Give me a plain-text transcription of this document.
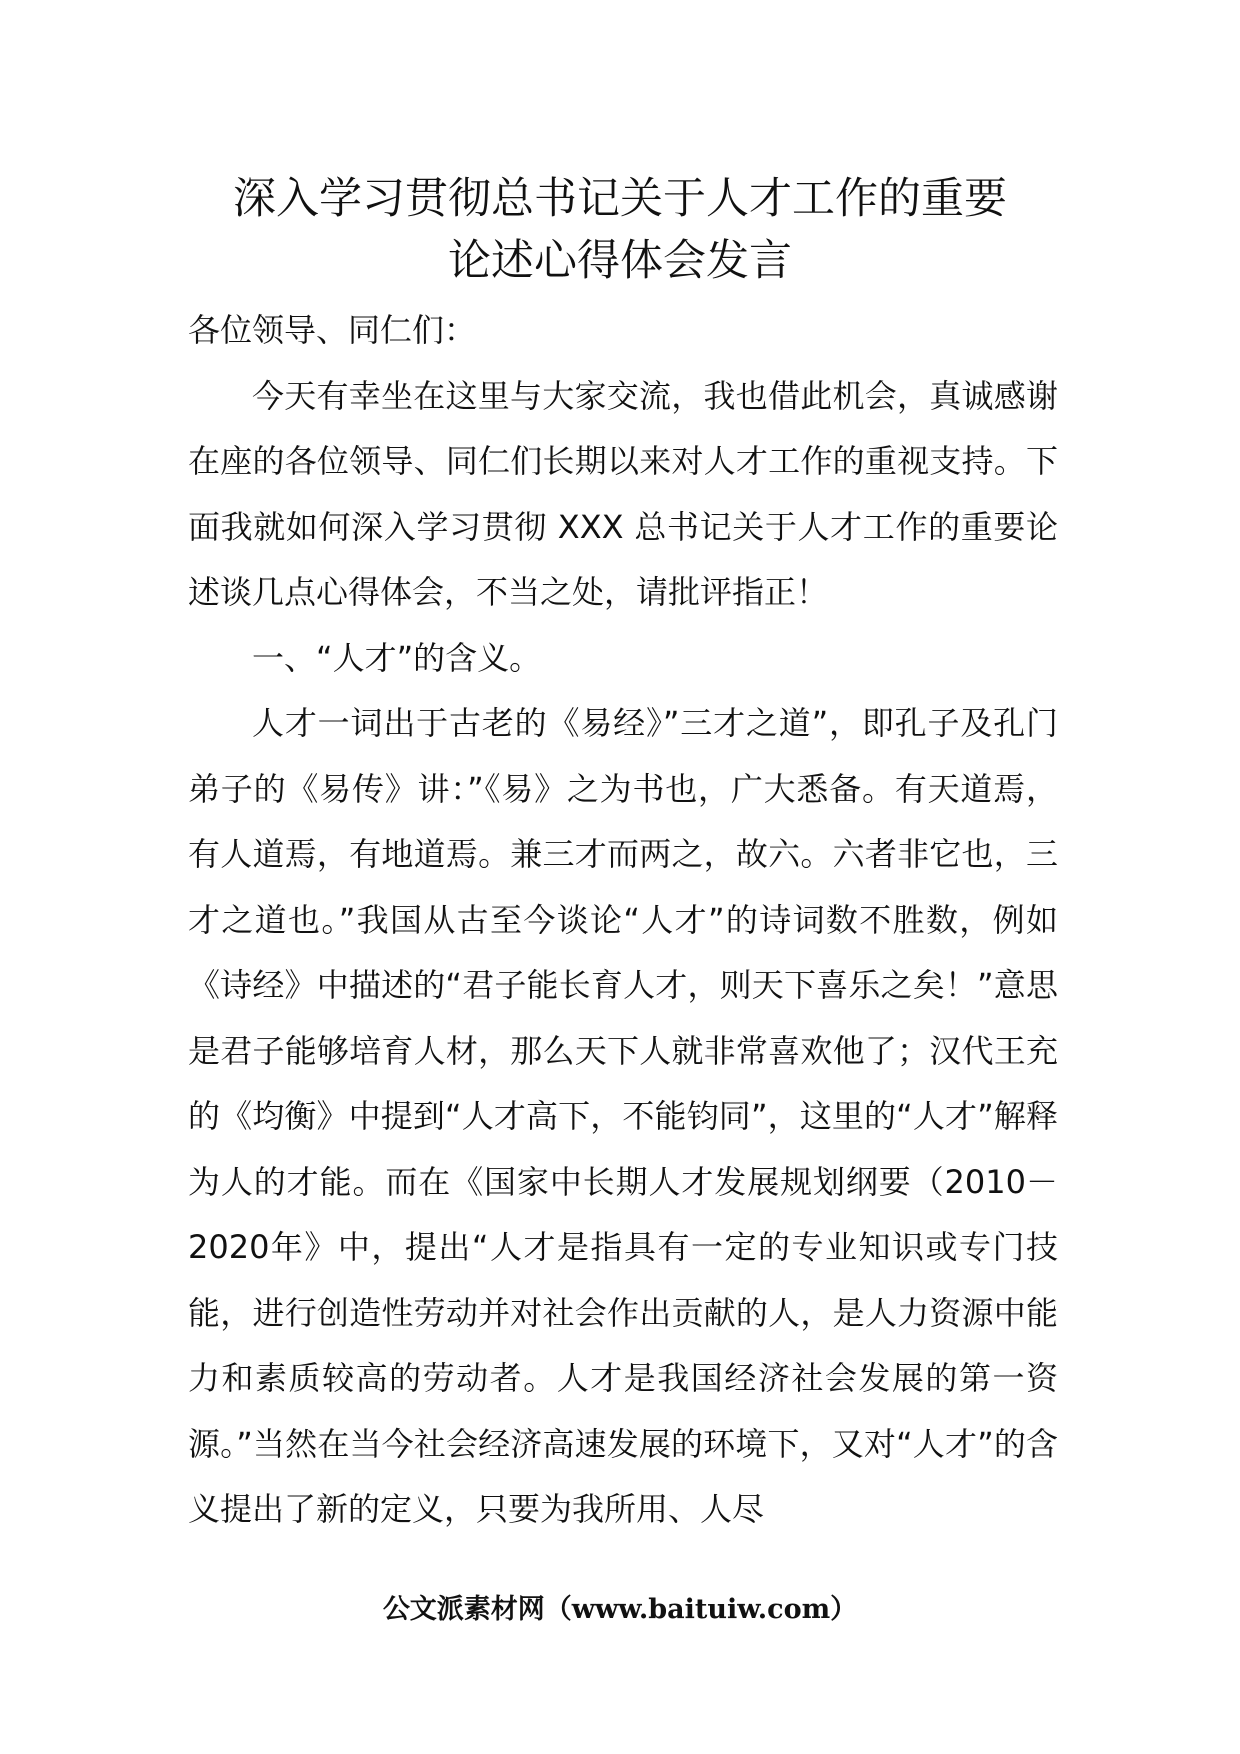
深入学习贯彻总书记关于人才工作的重要
论述心得体会发言

各位领导、同仁们：

今天有幸坐在这里与大家交流，我也借此机会，真诚感谢在座的各位领导、同仁们长期以来对人才工作的重视支持。下面我就如何深入学习贯彻 XXX 总书记关于人才工作的重要论述谈几点心得体会，不当之处，请批评指正！

一、“人才”的含义。

人才一词出于古老的《易经》”三才之道”，即孔子及孔门弟子的《易传》讲：”《易》之为书也，广大悉备。有天道焉，有人道焉，有地道焉。兼三才而两之，故六。六者非它也，三才之道也。”我国从古至今谈论“人才”的诗词数不胜数，例如《诗经》中描述的“君子能长育人才，则天下喜乐之矣！”意思是君子能够培育人材，那么天下人就非常喜欢他了；汉代王充的《均衡》中提到“人才高下，不能钧同”，这里的“人才”解释为人的才能。而在《国家中长期人才发展规划纲要（2010－2020年》中，提出“人才是指具有一定的专业知识或专门技能，进行创造性劳动并对社会作出贡献的人，是人力资源中能力和素质较高的劳动者。人才是我国经济社会发展的第一资源。”当然在当今社会经济高速发展的环境下，又对“人才”的含义提出了新的定义，只要为我所用、人尽

公文派素材网（www.baituiw.com）
